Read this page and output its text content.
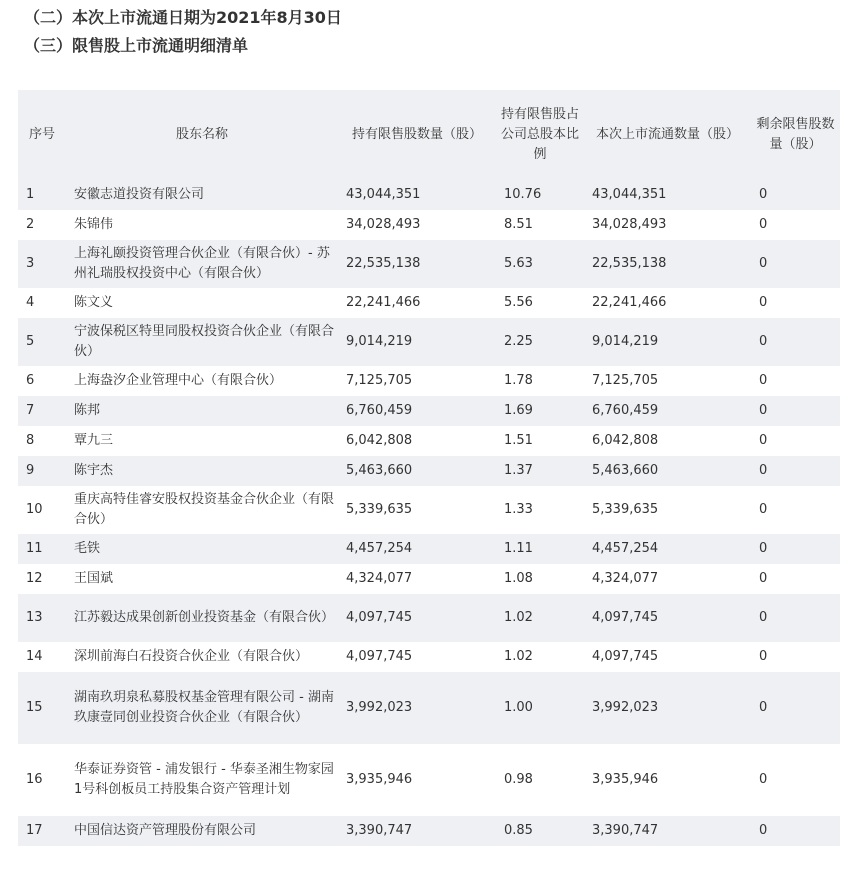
（二）本次上市流通日期为2021年8月30日
（三）限售股上市流通明细清单
序号	股东名称	持有限售股数量（股）	持有限售股占公司总股本比例	本次上市流通数量（股）	剩余限售股数量（股）
1	安徽志道投资有限公司	43,044,351	10.76	43,044,351	0
2	朱锦伟	34,028,493	8.51	34,028,493	0
3	上海礼颐投资管理合伙企业（有限合伙）- 苏州礼瑞股权投资中心（有限合伙）	22,535,138	5.63	22,535,138	0
4	陈文义	22,241,466	5.56	22,241,466	0
5	宁波保税区特里同股权投资合伙企业（有限合伙）	9,014,219	2.25	9,014,219	0
6	上海盎汐企业管理中心（有限合伙）	7,125,705	1.78	7,125,705	0
7	陈邦	6,760,459	1.69	6,760,459	0
8	覃九三	6,042,808	1.51	6,042,808	0
9	陈宇杰	5,463,660	1.37	5,463,660	0
10	重庆高特佳睿安股权投资基金合伙企业（有限合伙）	5,339,635	1.33	5,339,635	0
11	毛铁	4,457,254	1.11	4,457,254	0
12	王国斌	4,324,077	1.08	4,324,077	0
13	江苏毅达成果创新创业投资基金（有限合伙）	4,097,745	1.02	4,097,745	0
14	深圳前海白石投资合伙企业（有限合伙）	4,097,745	1.02	4,097,745	0
15	湖南玖玥泉私募股权基金管理有限公司 - 湖南玖康壹同创业投资合伙企业（有限合伙）	3,992,023	1.00	3,992,023	0
16	华泰证券资管 - 浦发银行 - 华泰圣湘生物家园1号科创板员工持股集合资产管理计划	3,935,946	0.98	3,935,946	0
17	中国信达资产管理股份有限公司	3,390,747	0.85	3,390,747	0
